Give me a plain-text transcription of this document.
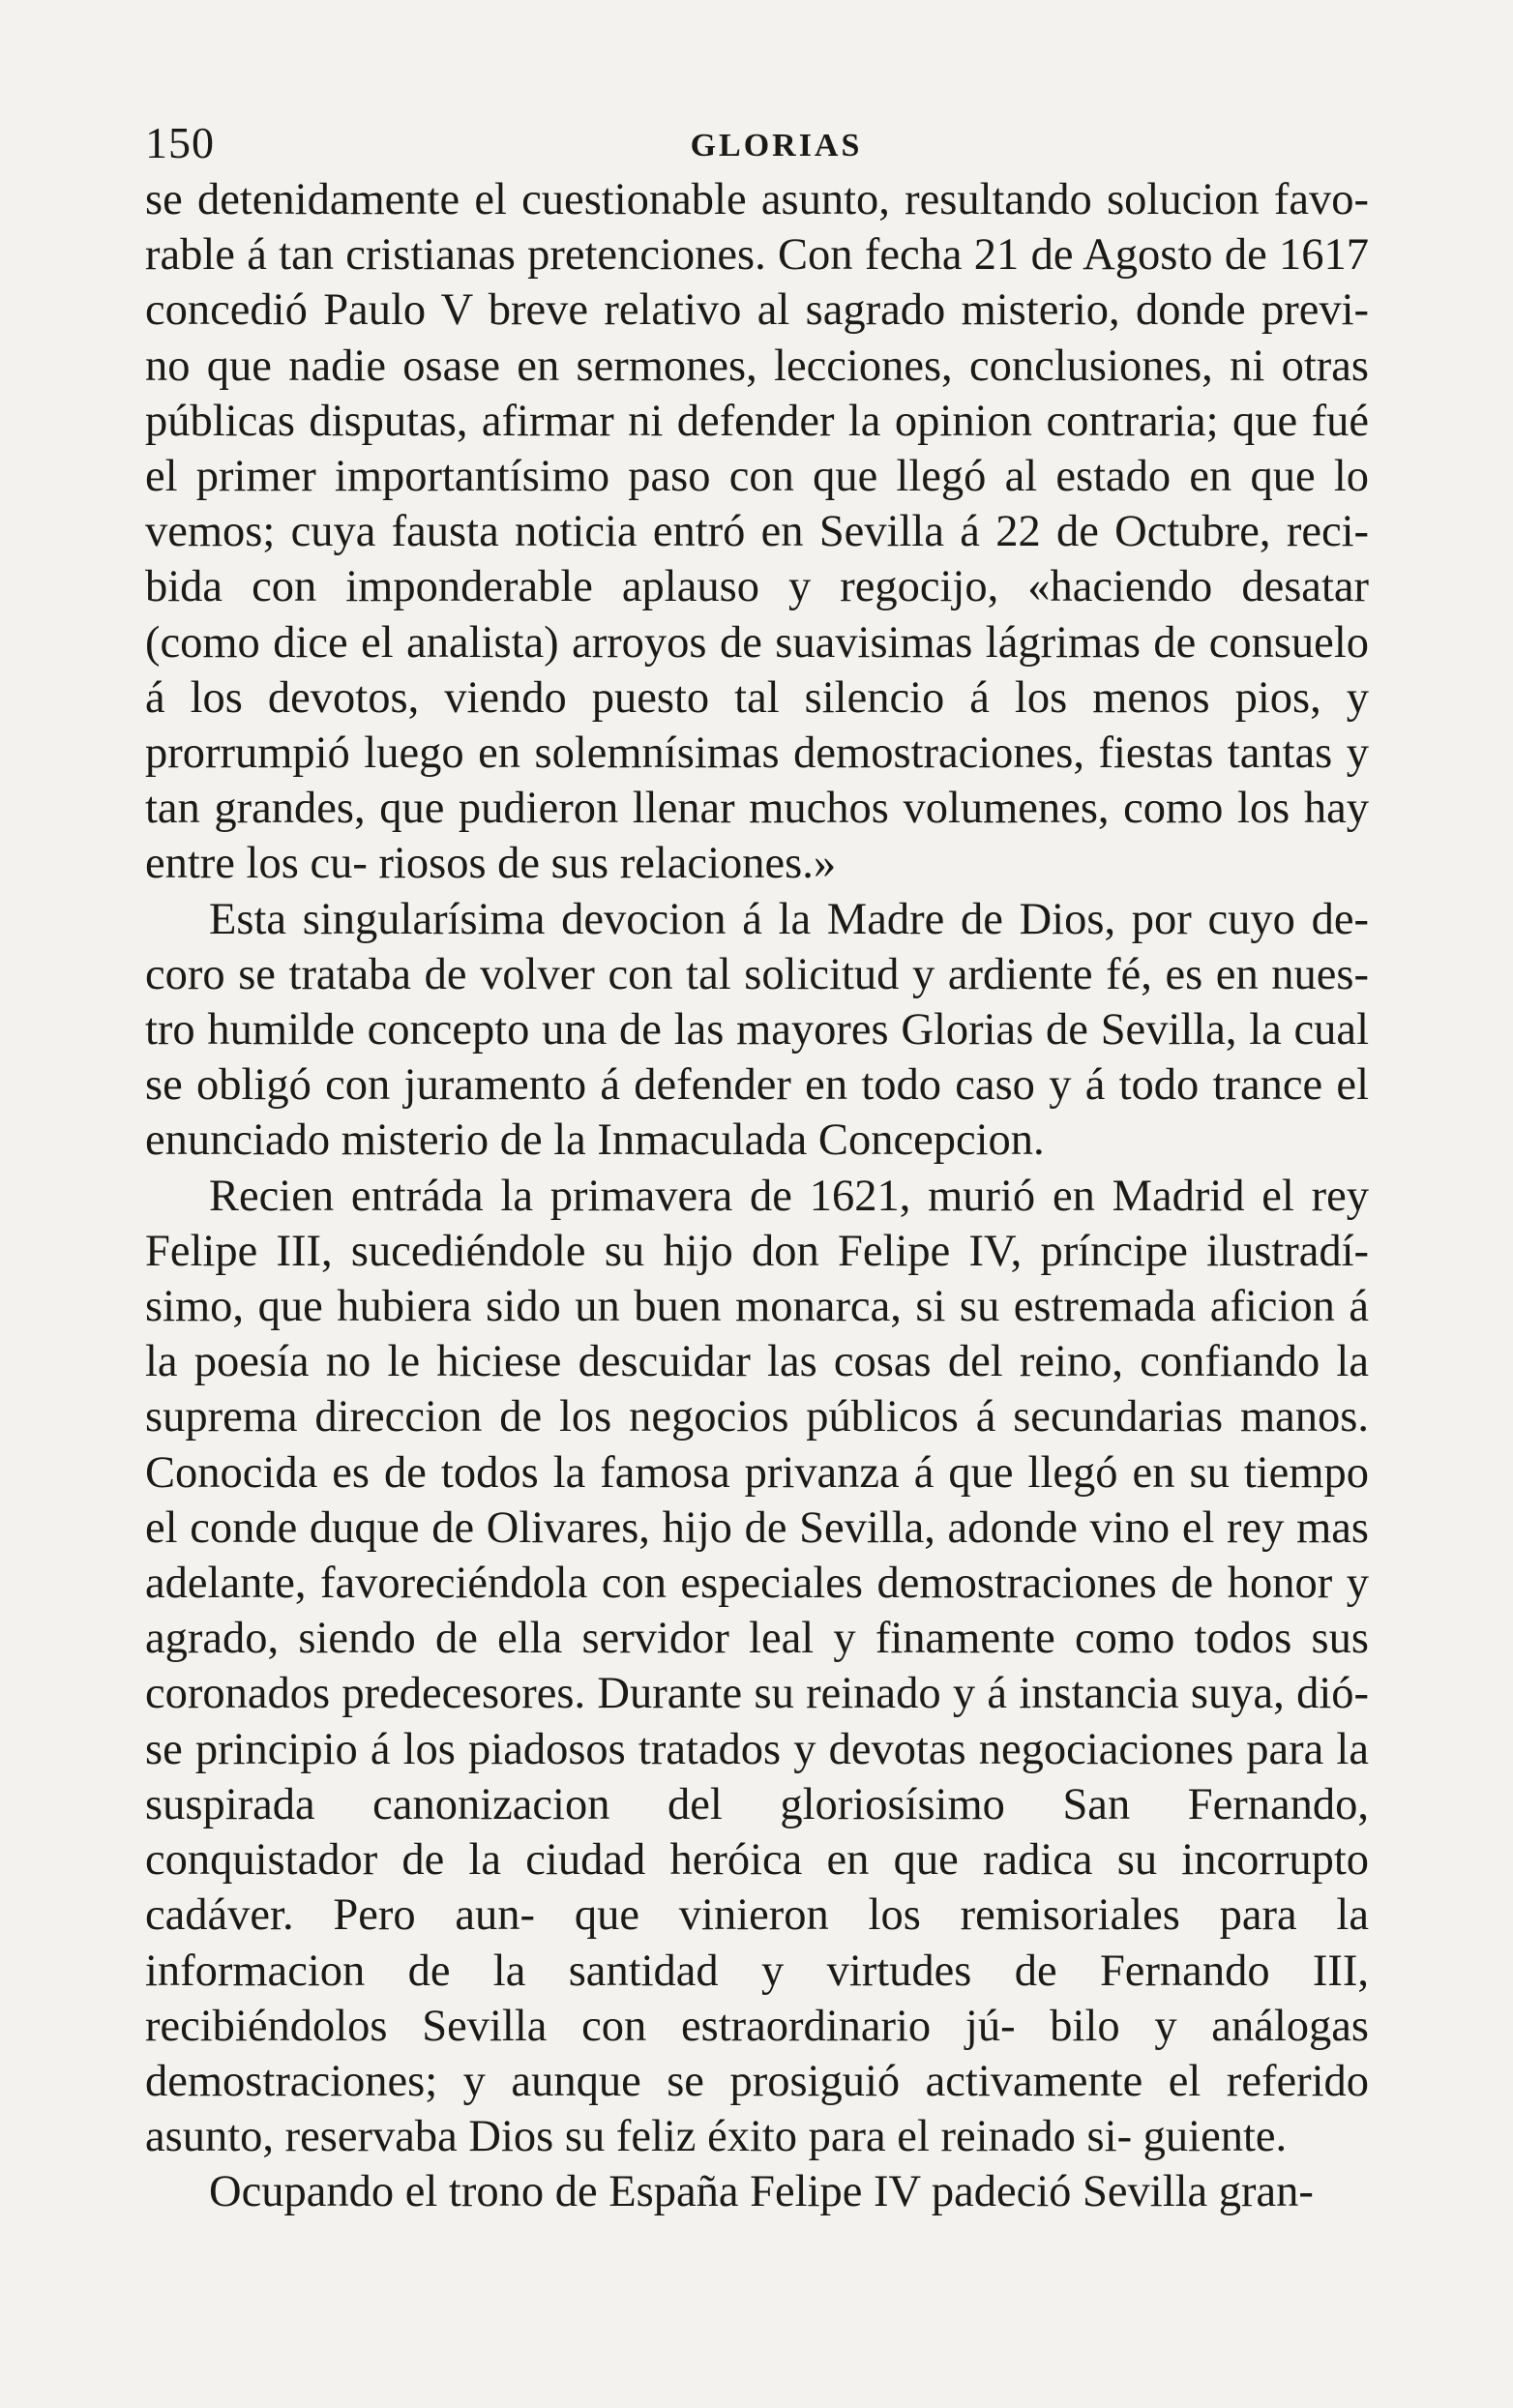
150	GLORIAS

se detenidamente el cuestionable asunto, resultando solucion favo- rable á tan cristianas pretenciones. Con fecha 21 de Agosto de 1617 concedió Paulo V breve relativo al sagrado misterio, donde previ- no que nadie osase en sermones, lecciones, conclusiones, ni otras públicas disputas, afirmar ni defender la opinion contraria; que fué el primer importantísimo paso con que llegó al estado en que lo vemos; cuya fausta noticia entró en Sevilla á 22 de Octubre, reci- bida con imponderable aplauso y regocijo, «haciendo desatar (como dice el analista) arroyos de suavisimas lágrimas de consuelo á los devotos, viendo puesto tal silencio á los menos pios, y prorrumpió luego en solemnísimas demostraciones, fiestas tantas y tan grandes, que pudieron llenar muchos volumenes, como los hay entre los cu- riosos de sus relaciones.»

Esta singularísima devocion á la Madre de Dios, por cuyo de- coro se trataba de volver con tal solicitud y ardiente fé, es en nues- tro humilde concepto una de las mayores Glorias de Sevilla, la cual se obligó con juramento á defender en todo caso y á todo trance el enunciado misterio de la Inmaculada Concepcion.

Recien entráda la primavera de 1621, murió en Madrid el rey Felipe III, sucediéndole su hijo don Felipe IV, príncipe ilustradí- simo, que hubiera sido un buen monarca, si su estremada aficion á la poesía no le hiciese descuidar las cosas del reino, confiando la suprema direccion de los negocios públicos á secundarias manos. Conocida es de todos la famosa privanza á que llegó en su tiempo el conde duque de Olivares, hijo de Sevilla, adonde vino el rey mas adelante, favoreciéndola con especiales demostraciones de honor y agrado, siendo de ella servidor leal y finamente como todos sus coronados predecesores. Durante su reinado y á instancia suya, dió- se principio á los piadosos tratados y devotas negociaciones para la suspirada canonizacion del gloriosísimo San Fernando, conquistador de la ciudad heróica en que radica su incorrupto cadáver. Pero aun- que vinieron los remisoriales para la informacion de la santidad y virtudes de Fernando III, recibiéndolos Sevilla con estraordinario jú- bilo y análogas demostraciones; y aunque se prosiguió activamente el referido asunto, reservaba Dios su feliz éxito para el reinado si- guiente.

Ocupando el trono de España Felipe IV padeció Sevilla gran-
